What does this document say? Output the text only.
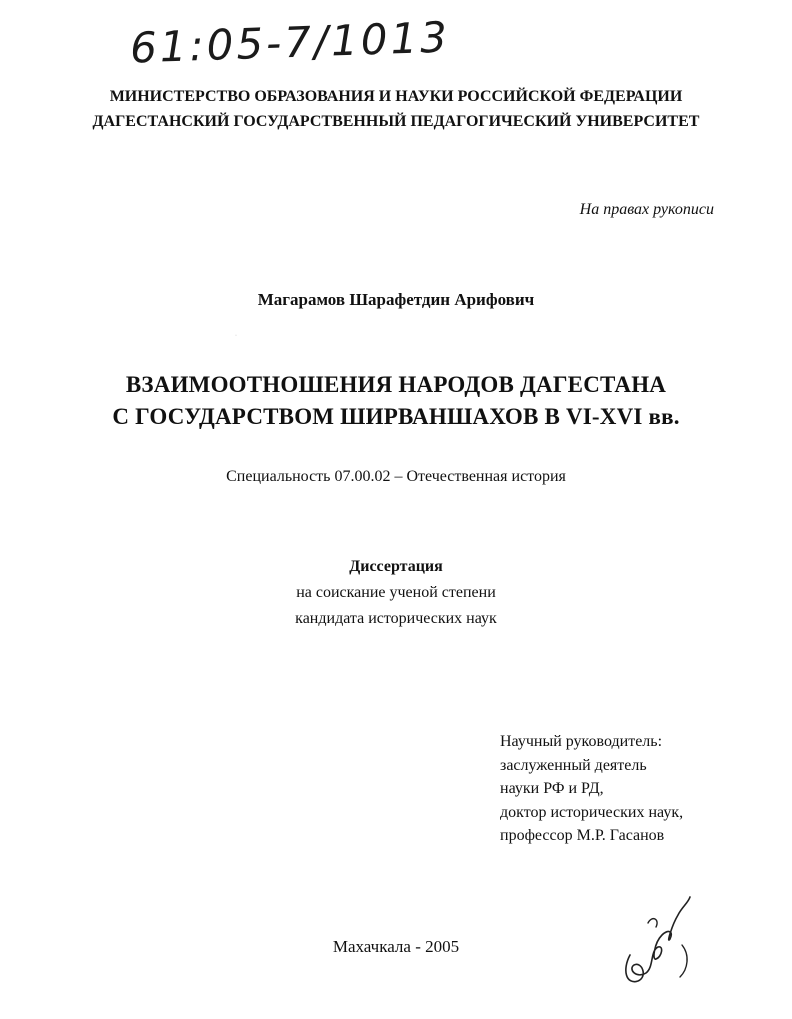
61:05-7/1013
МИНИСТЕРСТВО ОБРАЗОВАНИЯ И НАУКИ РОССИЙСКОЙ ФЕДЕРАЦИИ
ДАГЕСТАНСКИЙ ГОСУДАРСТВЕННЫЙ ПЕДАГОГИЧЕСКИЙ УНИВЕРСИТЕТ
На правах рукописи
Магарамов Шарафетдин Арифович
·
ВЗАИМООТНОШЕНИЯ НАРОДОВ ДАГЕСТАНА
С ГОСУДАРСТВОМ ШИРВАНШАХОВ В VI-XVI вв.
Специальность 07.00.02 – Отечественная история
Диссертация
на соискание ученой степени
кандидата исторических наук
Научный руководитель:
заслуженный деятель
науки РФ и РД,
доктор исторических наук,
профессор М.Р. Гасанов
Махачкала - 2005
